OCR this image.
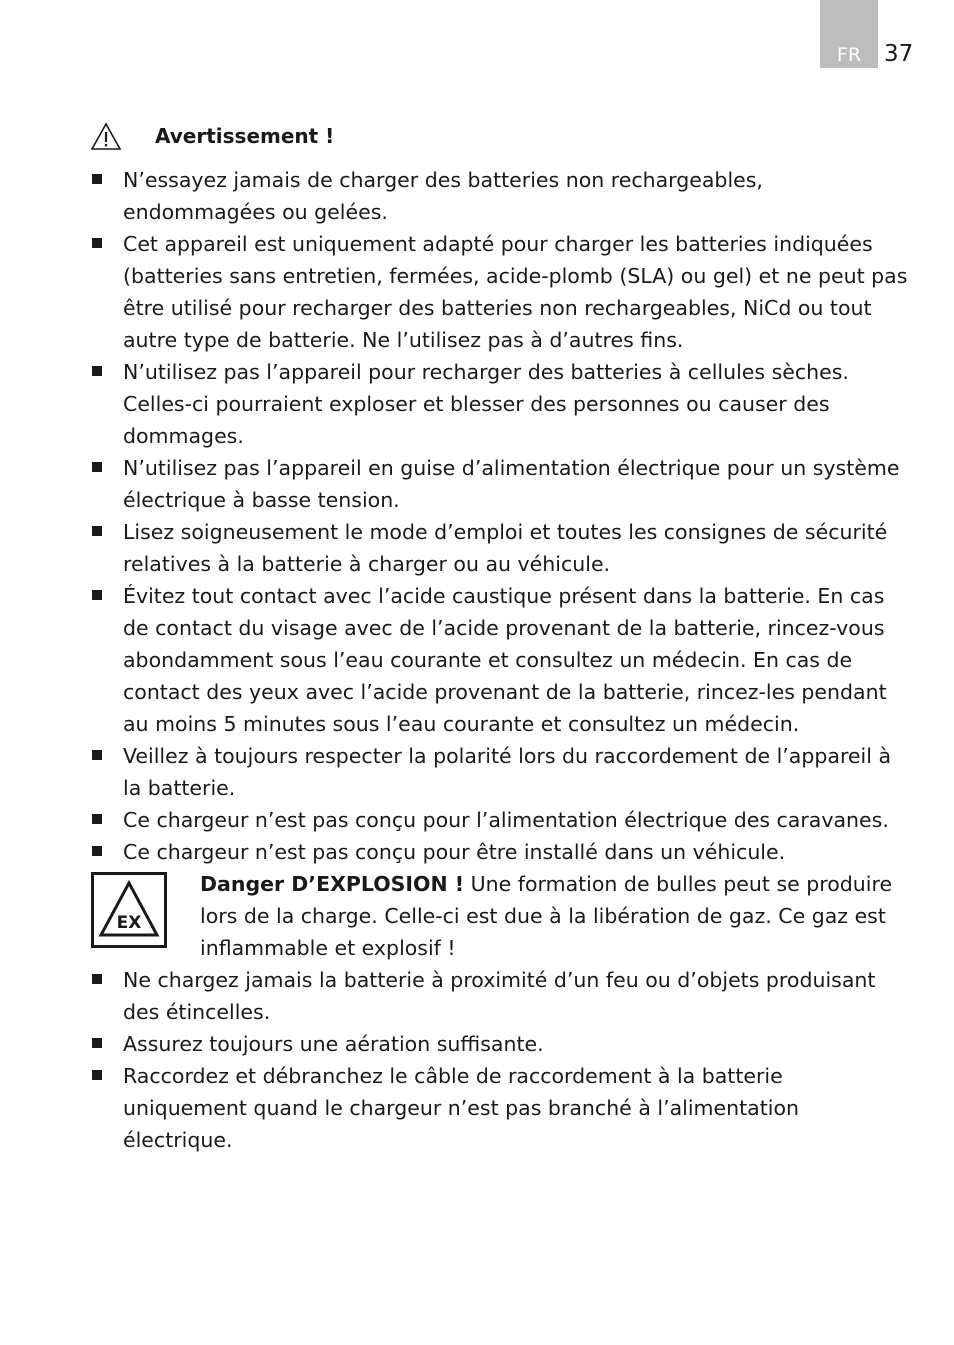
FR 37
Avertissement !
N’essayez jamais de charger des batteries non rechargeables, endommagées ou gelées.
Cet appareil est uniquement adapté pour charger les batteries indiquées (batteries sans entretien, fermées, acide-plomb (SLA) ou gel) et ne peut pas être utilisé pour recharger des batteries non rechargeables, NiCd ou tout autre type de batterie. Ne l’utilisez pas à d’autres fins.
N’utilisez pas l’appareil pour recharger des batteries à cellules sèches. Celles-ci pourraient exploser et blesser des personnes ou causer des dommages.
N’utilisez pas l’appareil en guise d’alimentation électrique pour un système électrique à basse tension.
Lisez soigneusement le mode d’emploi et toutes les consignes de sécurité relatives à la batterie à charger ou au véhicule.
Évitez tout contact avec l’acide caustique présent dans la batterie. En cas de contact du visage avec de l’acide provenant de la batterie, rincez-vous abondamment sous l’eau courante et consultez un médecin. En cas de contact des yeux avec l’acide provenant de la batterie, rincez-les pendant au moins 5 minutes sous l’eau courante et consultez un médecin.
Veillez à toujours respecter la polarité lors du raccordement de l’appareil à la batterie.
Ce chargeur n’est pas conçu pour l’alimentation électrique des caravanes.
Ce chargeur n’est pas conçu pour être installé dans un véhicule.
EX
Danger D’EXPLOSION ! Une formation de bulles peut se produire lors de la charge. Celle-ci est due à la libération de gaz. Ce gaz est inflammable et explosif !
Ne chargez jamais la batterie à proximité d’un feu ou d’objets produisant des étincelles.
Assurez toujours une aération suffisante.
Raccordez et débranchez le câble de raccordement à la batterie uniquement quand le chargeur n’est pas branché à l’alimentation électrique.
